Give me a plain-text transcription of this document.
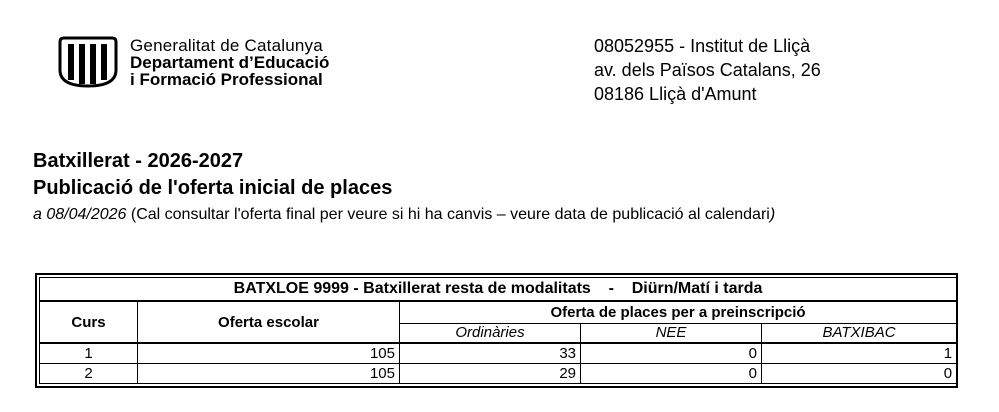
Generalitat de Catalunya
Departament d’Educació
i Formació Professional
08052955 - Institut de Lliçà
av. dels Països Catalans, 26
08186 Lliçà d'Amunt
Batxillerat - 2026-2027
Publicació de l'oferta inicial de places
a 08/04/2026 (Cal consultar l'oferta final per veure si hi ha canvis – veure data de publicació al calendari)
BATXLOE 9999 - Batxillerat resta de modalitats    -    Diürn/Matí i tarda				
Curs	Oferta escolar	Oferta de places per a preinscripció		
		Ordinàries	NEE	BATXIBAC
1	105	33	0	1
2	105	29	0	0
